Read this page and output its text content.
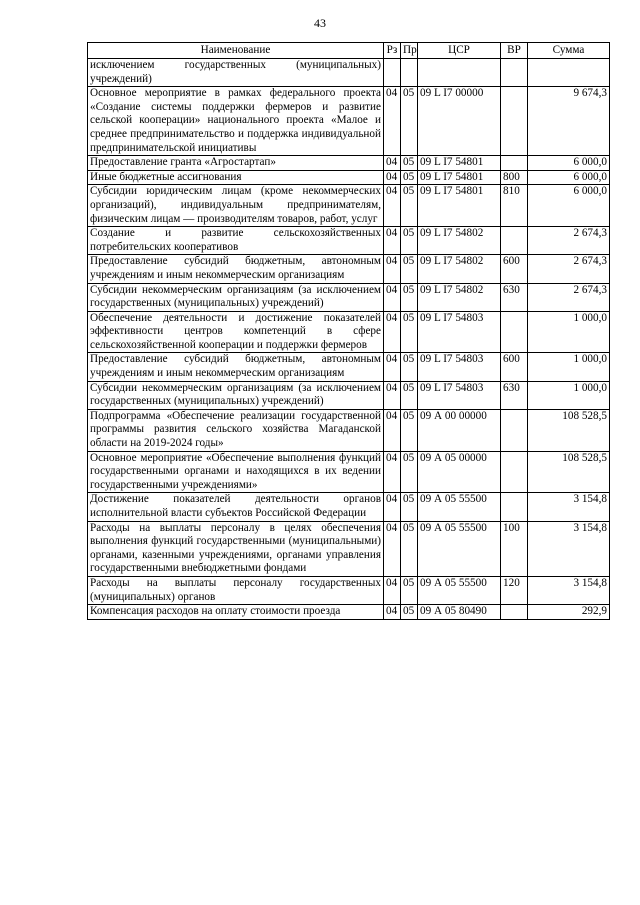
43
Наименование	Рз	Пр	ЦСР	ВР	Сумма
исключением государственных (муниципальных) учреждений)					
Основное мероприятие в рамках федерального проекта «Создание системы поддержки фермеров и развитие сельской кооперации» национального проекта «Малое и среднее предпринимательство и поддержка индивидуальной предпринимательской инициативы	04	05	09 L I7 00000		9 674,3
Предоставление гранта «Агростартап»	04	05	09 L I7 54801		6 000,0
Иные бюджетные ассигнования	04	05	09 L I7 54801	800	6 000,0
Субсидии юридическим лицам (кроме некоммерческих организаций), индивидуальным предпринимателям, физическим лицам — производителям товаров, работ, услуг	04	05	09 L I7 54801	810	6 000,0
Создание и развитие сельскохозяйственных потребительских кооперативов	04	05	09 L I7 54802		2 674,3
Предоставление субсидий бюджетным, автономным учреждениям и иным некоммерческим организациям	04	05	09 L I7 54802	600	2 674,3
Субсидии некоммерческим организациям (за исключением государственных (муниципальных) учреждений)	04	05	09 L I7 54802	630	2 674,3
Обеспечение деятельности и достижение показателей эффективности центров компетенций в сфере сельскохозяйственной кооперации и поддержки фермеров	04	05	09 L I7 54803		1 000,0
Предоставление субсидий бюджетным, автономным учреждениям и иным некоммерческим организациям	04	05	09 L I7 54803	600	1 000,0
Субсидии некоммерческим организациям (за исключением государственных (муниципальных) учреждений)	04	05	09 L I7 54803	630	1 000,0
Подпрограмма «Обеспечение реализации государственной программы развития сельского хозяйства Магаданской области на 2019-2024 годы»	04	05	09 А 00 00000		108 528,5
Основное мероприятие «Обеспечение выполнения функций государственными органами и находящихся в их ведении государственными учреждениями»	04	05	09 А 05 00000		108 528,5
Достижение показателей деятельности органов исполнительной власти субъектов Российской Федерации	04	05	09 А 05 55500		3 154,8
Расходы на выплаты персоналу в целях обеспечения выполнения функций государственными (муниципальными) органами, казенными учреждениями, органами управления государственными внебюджетными фондами	04	05	09 А 05 55500	100	3 154,8
Расходы на выплаты персоналу государственных (муниципальных) органов	04	05	09 А 05 55500	120	3 154,8
Компенсация расходов на оплату стоимости проезда	04	05	09 А 05 80490		292,9
